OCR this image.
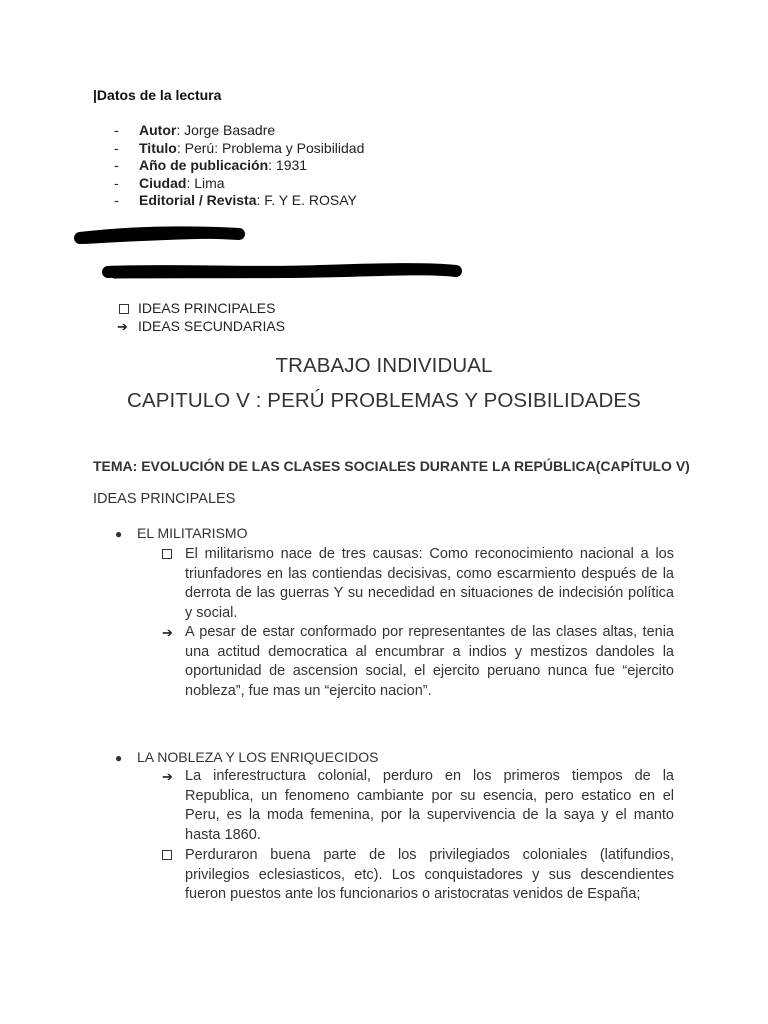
|Datos de la lectura
-	Autor : Jorge Basadre
-	Titulo : Perú: Problema y Posibilidad
-	Año de publicación : 1931
-	Ciudad : Lima
-	Editorial / Revista : F. Y E. ROSAY
IDEAS PRINCIPALES
➔ IDEAS SECUNDARIAS
TRABAJO INDIVIDUAL
CAPITULO V : PERÚ PROBLEMAS Y POSIBILIDADES
TEMA: EVOLUCIÓN DE LAS CLASES SOCIALES DURANTE LA REPÚBLICA(CAPÍTULO V)
IDEAS PRINCIPALES
●	EL MILITARISMO
El militarismo nace de tres causas: Como reconocimiento nacional a los triunfadores en las contiendas decisivas, como escarmiento después de la derrota de las guerras Y su necedidad en situaciones de indecisión política y social.
➔ A pesar de estar conformado por representantes de las clases altas, tenia una actitud democratica al encumbrar a indios y mestizos dandoles la oportunidad de ascension social, el ejercito peruano nunca fue “ejercito nobleza”, fue mas un “ejercito nacion”.
●	LA NOBLEZA Y LOS ENRIQUECIDOS
➔ La inferestructura colonial, perduro en los primeros tiempos de la Republica, un fenomeno cambiante por su esencia, pero estatico en el Peru, es la moda femenina, por la supervivencia de la saya y el manto hasta 1860.
Perduraron buena parte de los privilegiados coloniales (latifundios, privilegios eclesiasticos, etc). Los conquistadores y sus descendientes fueron puestos ante los funcionarios o aristocratas venidos de España;
